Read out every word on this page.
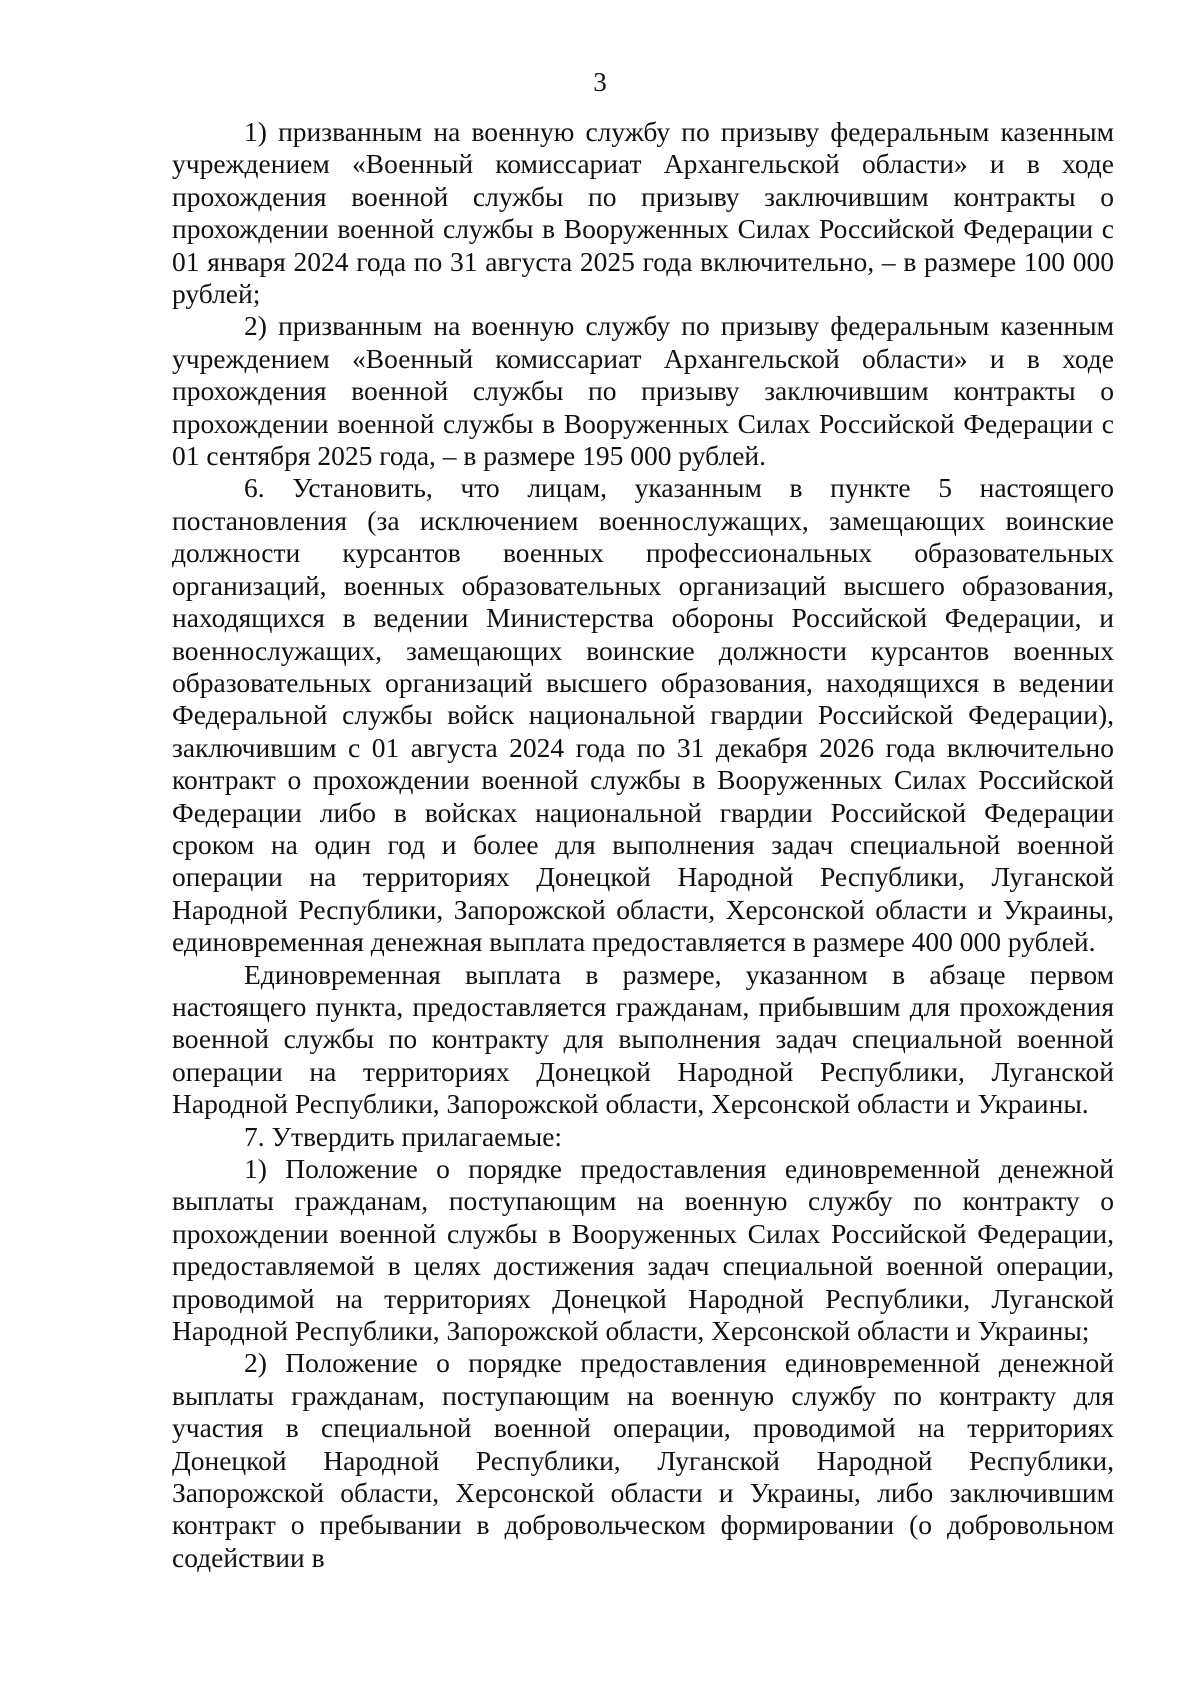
3

1) призванным на военную службу по призыву федеральным казенным учреждением «Военный комиссариат Архангельской области» и в ходе прохождения военной службы по призыву заключившим контракты о прохождении военной службы в Вооруженных Силах Российской Федерации с 01 января 2024 года по 31 августа 2025 года включительно, – в размере 100 000 рублей;

2) призванным на военную службу по призыву федеральным казенным учреждением «Военный комиссариат Архангельской области» и в ходе прохождения военной службы по призыву заключившим контракты о прохождении военной службы в Вооруженных Силах Российской Федерации с 01 сентября 2025 года, – в размере 195 000 рублей.

6. Установить, что лицам, указанным в пункте 5 настоящего постановления (за исключением военнослужащих, замещающих воинские должности курсантов военных профессиональных образовательных организаций, военных образовательных организаций высшего образования, находящихся в ведении Министерства обороны Российской Федерации, и военнослужащих, замещающих воинские должности курсантов военных образовательных организаций высшего образования, находящихся в ведении Федеральной службы войск национальной гвардии Российской Федерации), заключившим с 01 августа 2024 года по 31 декабря 2026 года включительно контракт о прохождении военной службы в Вооруженных Силах Российской Федерации либо в войсках национальной гвардии Российской Федерации сроком на один год и более для выполнения задач специальной военной операции на территориях Донецкой Народной Республики, Луганской Народной Республики, Запорожской области, Херсонской области и Украины, единовременная денежная выплата предоставляется в размере 400 000 рублей.

Единовременная выплата в размере, указанном в абзаце первом настоящего пункта, предоставляется гражданам, прибывшим для прохождения военной службы по контракту для выполнения задач специальной военной операции на территориях Донецкой Народной Республики, Луганской Народной Республики, Запорожской области, Херсонской области и Украины.

7. Утвердить прилагаемые:

1) Положение о порядке предоставления единовременной денежной выплаты гражданам, поступающим на военную службу по контракту о прохождении военной службы в Вооруженных Силах Российской Федерации, предоставляемой в целях достижения задач специальной военной операции, проводимой на территориях Донецкой Народной Республики, Луганской Народной Республики, Запорожской области, Херсонской области и Украины;

2) Положение о порядке предоставления единовременной денежной выплаты гражданам, поступающим на военную службу по контракту для участия в специальной военной операции, проводимой на территориях Донецкой Народной Республики, Луганской Народной Республики, Запорожской области, Херсонской области и Украины, либо заключившим контракт о пребывании в добровольческом формировании (о добровольном содействии в
